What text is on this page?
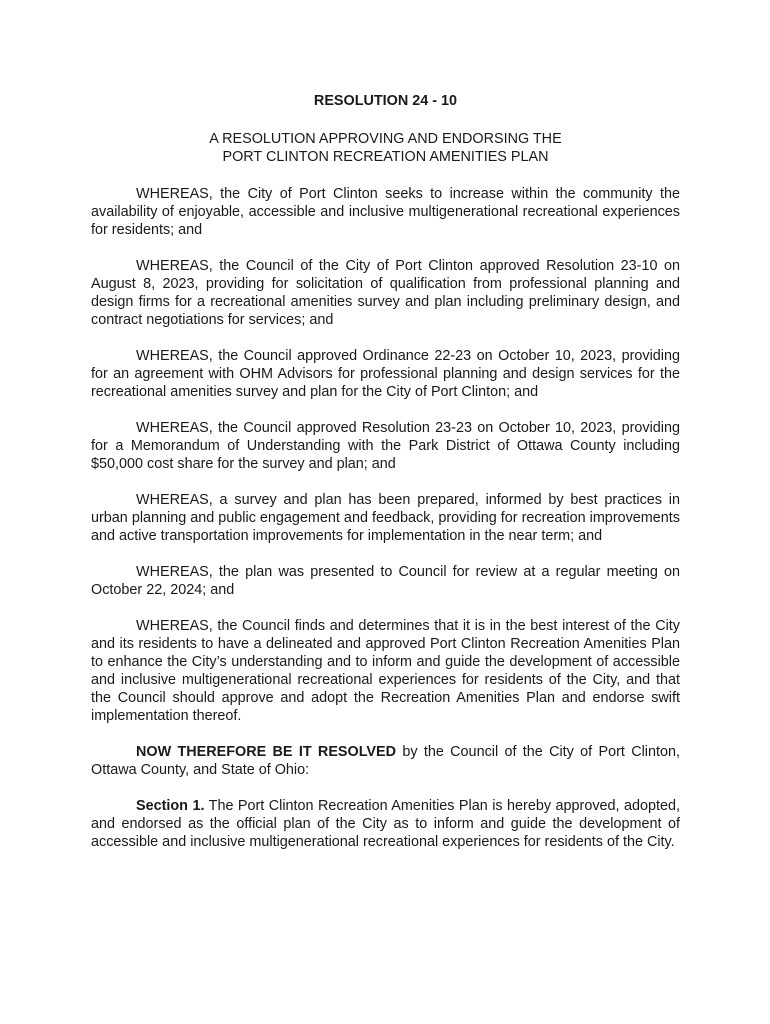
RESOLUTION 24 - 10
A RESOLUTION APPROVING AND ENDORSING THE
PORT CLINTON RECREATION AMENITIES PLAN

WHEREAS, the City of Port Clinton seeks to increase within the community the availability of enjoyable, accessible and inclusive multigenerational recreational experiences for residents; and

WHEREAS, the Council of the City of Port Clinton approved Resolution 23-10 on August 8, 2023, providing for solicitation of qualification from professional planning and design firms for a recreational amenities survey and plan including preliminary design, and contract negotiations for services; and

WHEREAS, the Council approved Ordinance 22-23 on October 10, 2023, providing for an agreement with OHM Advisors for professional planning and design services for the recreational amenities survey and plan for the City of Port Clinton; and

WHEREAS, the Council approved Resolution 23-23 on October 10, 2023, providing for a Memorandum of Understanding with the Park District of Ottawa County including $50,000 cost share for the survey and plan; and

WHEREAS, a survey and plan has been prepared, informed by best practices in urban planning and public engagement and feedback, providing for recreation improvements and active transportation improvements for implementation in the near term; and

WHEREAS, the plan was presented to Council for review at a regular meeting on October 22, 2024; and

WHEREAS, the Council finds and determines that it is in the best interest of the City and its residents to have a delineated and approved Port Clinton Recreation Amenities Plan to enhance the City’s understanding and to inform and guide the development of accessible and inclusive multigenerational recreational experiences for residents of the City, and that the Council should approve and adopt the Recreation Amenities Plan and endorse swift implementation thereof.

NOW THEREFORE BE IT RESOLVED by the Council of the City of Port Clinton, Ottawa County, and State of Ohio:

Section 1. The Port Clinton Recreation Amenities Plan is hereby approved, adopted, and endorsed as the official plan of the City as to inform and guide the development of accessible and inclusive multigenerational recreational experiences for residents of the City.
